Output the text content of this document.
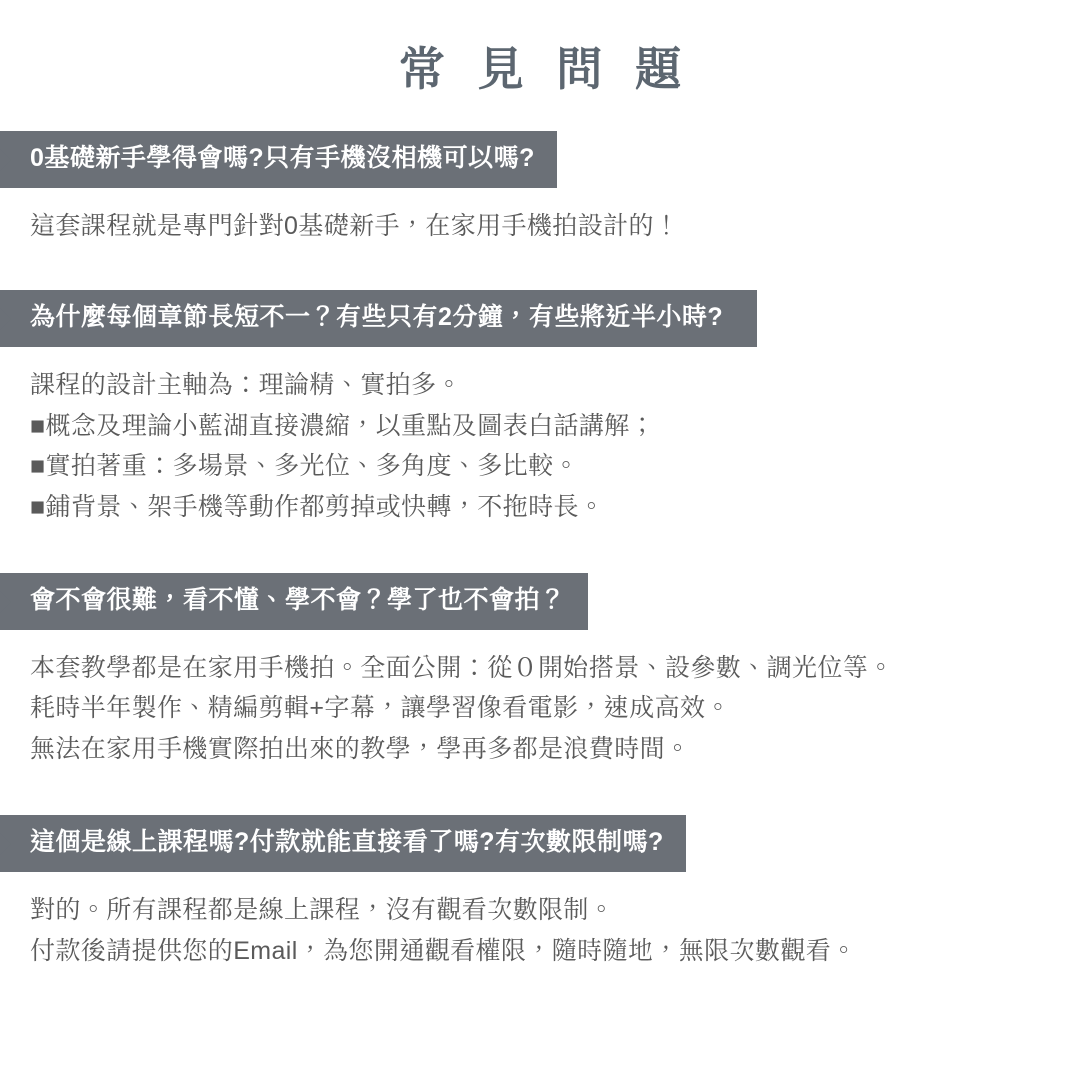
常 見 問 題
0基礎新手學得會嗎?只有手機沒相機可以嗎?
這套課程就是專門針對0基礎新手，在家用手機拍設計的！
為什麼每個章節長短不一？有些只有2分鐘，有些將近半小時?
課程的設計主軸為：理論精、實拍多。
■概念及理論小藍湖直接濃縮，以重點及圖表白話講解；
■實拍著重：多場景、多光位、多角度、多比較。
■鋪背景、架手機等動作都剪掉或快轉，不拖時長。
會不會很難，看不懂、學不會？學了也不會拍？
本套教學都是在家用手機拍。全面公開：從０開始搭景、設參數、調光位等。
耗時半年製作、精編剪輯+字幕，讓學習像看電影，速成高效。
無法在家用手機實際拍出來的教學，學再多都是浪費時間。
這個是線上課程嗎?付款就能直接看了嗎?有次數限制嗎?
對的。所有課程都是線上課程，沒有觀看次數限制。
付款後請提供您的Email，為您開通觀看權限，隨時隨地，無限次數觀看。
